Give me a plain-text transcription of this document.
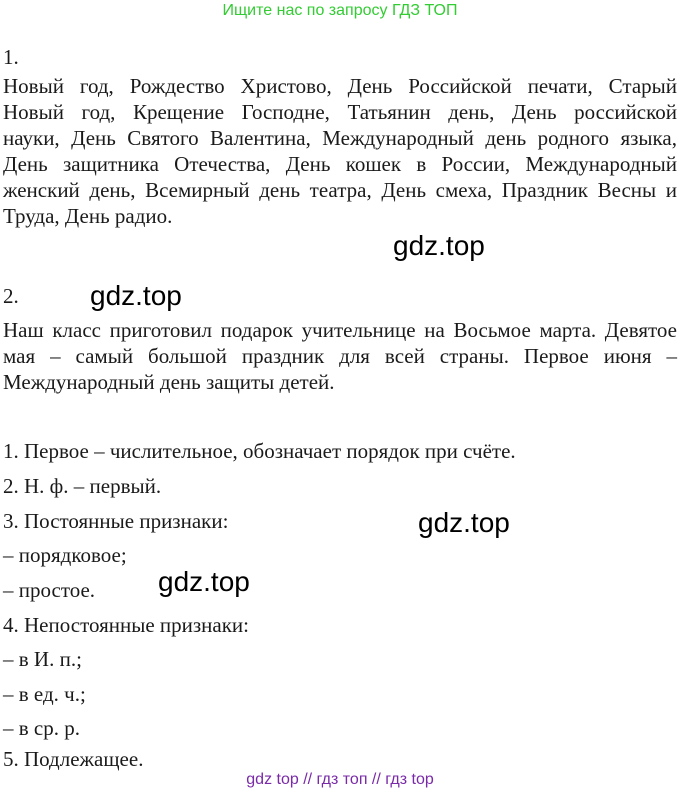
Ищите нас по запросу ГДЗ ТОП
1.
Новый год, Рождество Христово, День Российской печати, Старый
Новый год, Крещение Господне, Татьянин день, День российской
науки, День Святого Валентина, Международный день родного языка,
День защитника Отечества, День кошек в России, Международный
женский день, Всемирный день театра, День смеха, Праздник Весны и
Труда, День радио.
gdz.top
2.	gdz.top
Наш класс приготовил подарок учительнице на Восьмое марта. Девятое
мая – самый большой праздник для всей страны. Первое июня –
Международный день защиты детей.
1. Первое – числительное, обозначает порядок при счёте.
2. Н. ф. – первый.
3. Постоянные признаки:	gdz.top
– порядковое;
– простое. gdz.top
4. Непостоянные признаки:
– в И. п.;
– в ед. ч.;
– в ср. р.
5. Подлежащее.
gdz top // гдз топ // гдз top
